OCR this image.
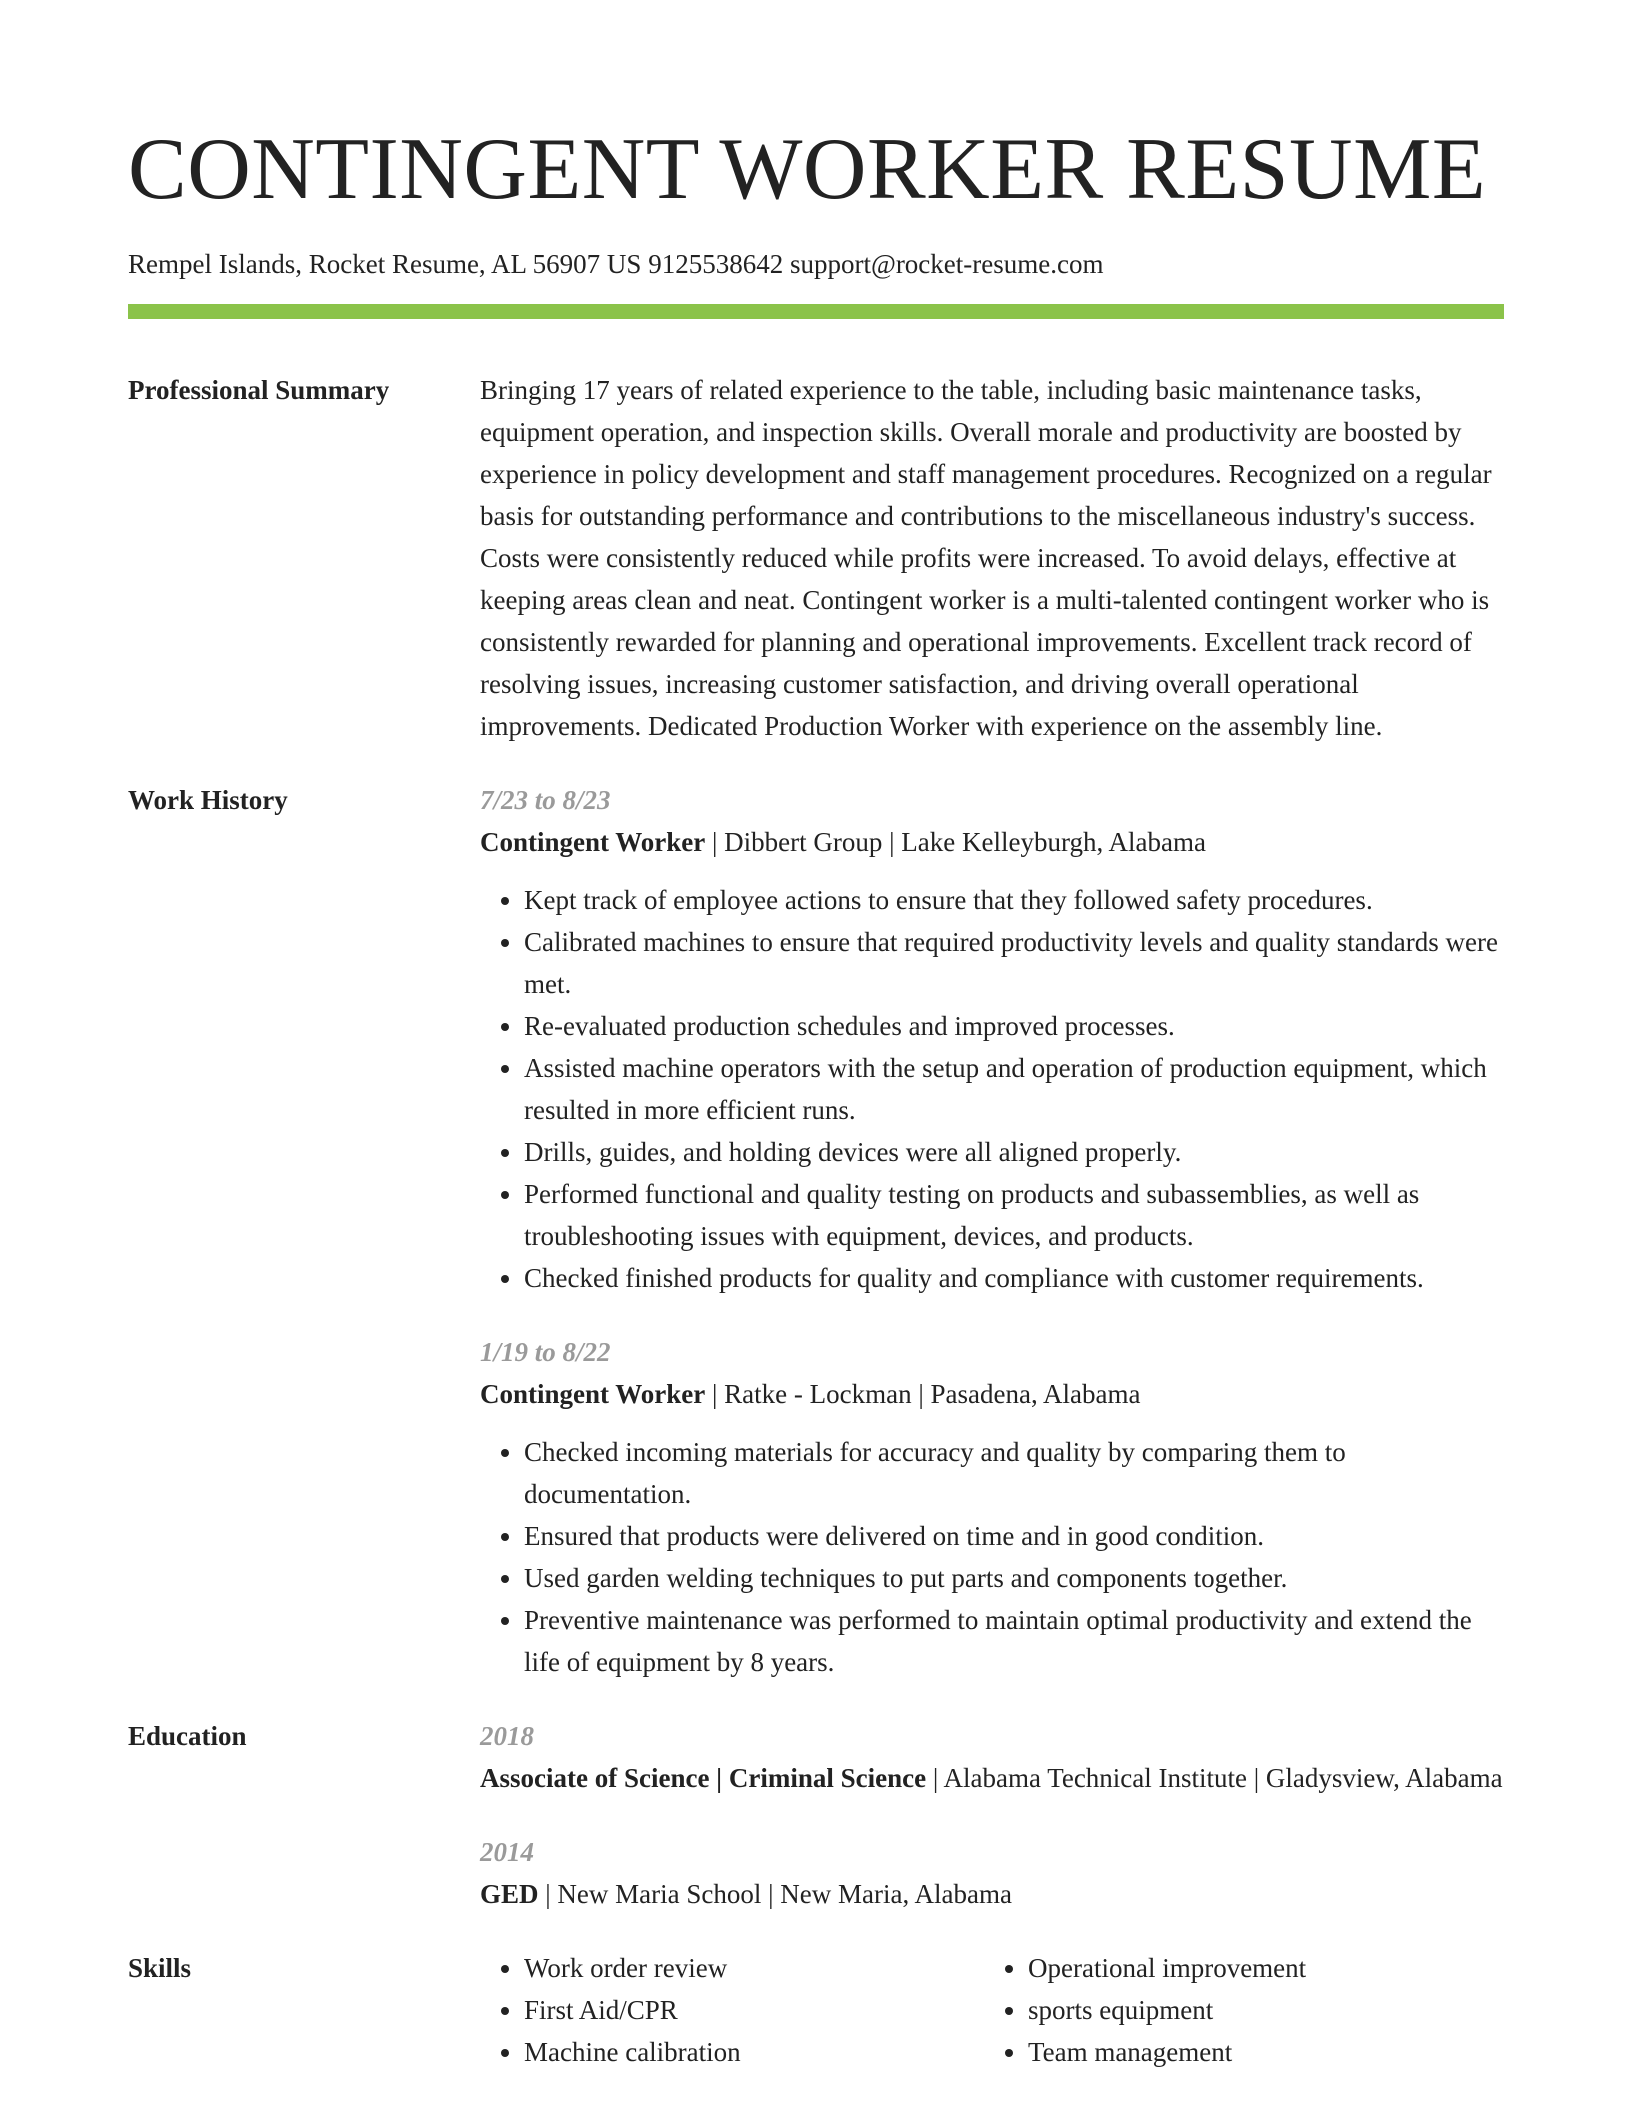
CONTINGENT WORKER RESUME
Rempel Islands, Rocket Resume, AL 56907 US 9125538642 support@rocket-resume.com
Professional Summary	Bringing 17 years of related experience to the table, including basic maintenance tasks, equipment operation, and inspection skills. Overall morale and productivity are boosted by experience in policy development and staff management procedures. Recognized on a regular basis for outstanding performance and contributions to the miscellaneous industry's success. Costs were consistently reduced while profits were increased. To avoid delays, effective at keeping areas clean and neat. Contingent worker is a multi-talented contingent worker who is consistently rewarded for planning and operational improvements. Excellent track record of resolving issues, increasing customer satisfaction, and driving overall operational improvements. Dedicated Production Worker with experience on the assembly line.

Work History	7/23 to 8/23
Contingent Worker | Dibbert Group | Lake Kelleyburgh, Alabama
• Kept track of employee actions to ensure that they followed safety procedures.
• Calibrated machines to ensure that required productivity levels and quality standards were met.
• Re-evaluated production schedules and improved processes.
• Assisted machine operators with the setup and operation of production equipment, which resulted in more efficient runs.
• Drills, guides, and holding devices were all aligned properly.
• Performed functional and quality testing on products and subassemblies, as well as troubleshooting issues with equipment, devices, and products.
• Checked finished products for quality and compliance with customer requirements.
1/19 to 8/22
Contingent Worker | Ratke - Lockman | Pasadena, Alabama
• Checked incoming materials for accuracy and quality by comparing them to documentation.
• Ensured that products were delivered on time and in good condition.
• Used garden welding techniques to put parts and components together.
• Preventive maintenance was performed to maintain optimal productivity and extend the life of equipment by 8 years.
Education	2018
Associate of Science | Criminal Science | Alabama Technical Institute | Gladysview, Alabama
2014
GED | New Maria School | New Maria, Alabama
Skills
•	Work order review
• First Aid/CPR
• Machine calibration
• Operational improvement
• sports equipment
• Team management
